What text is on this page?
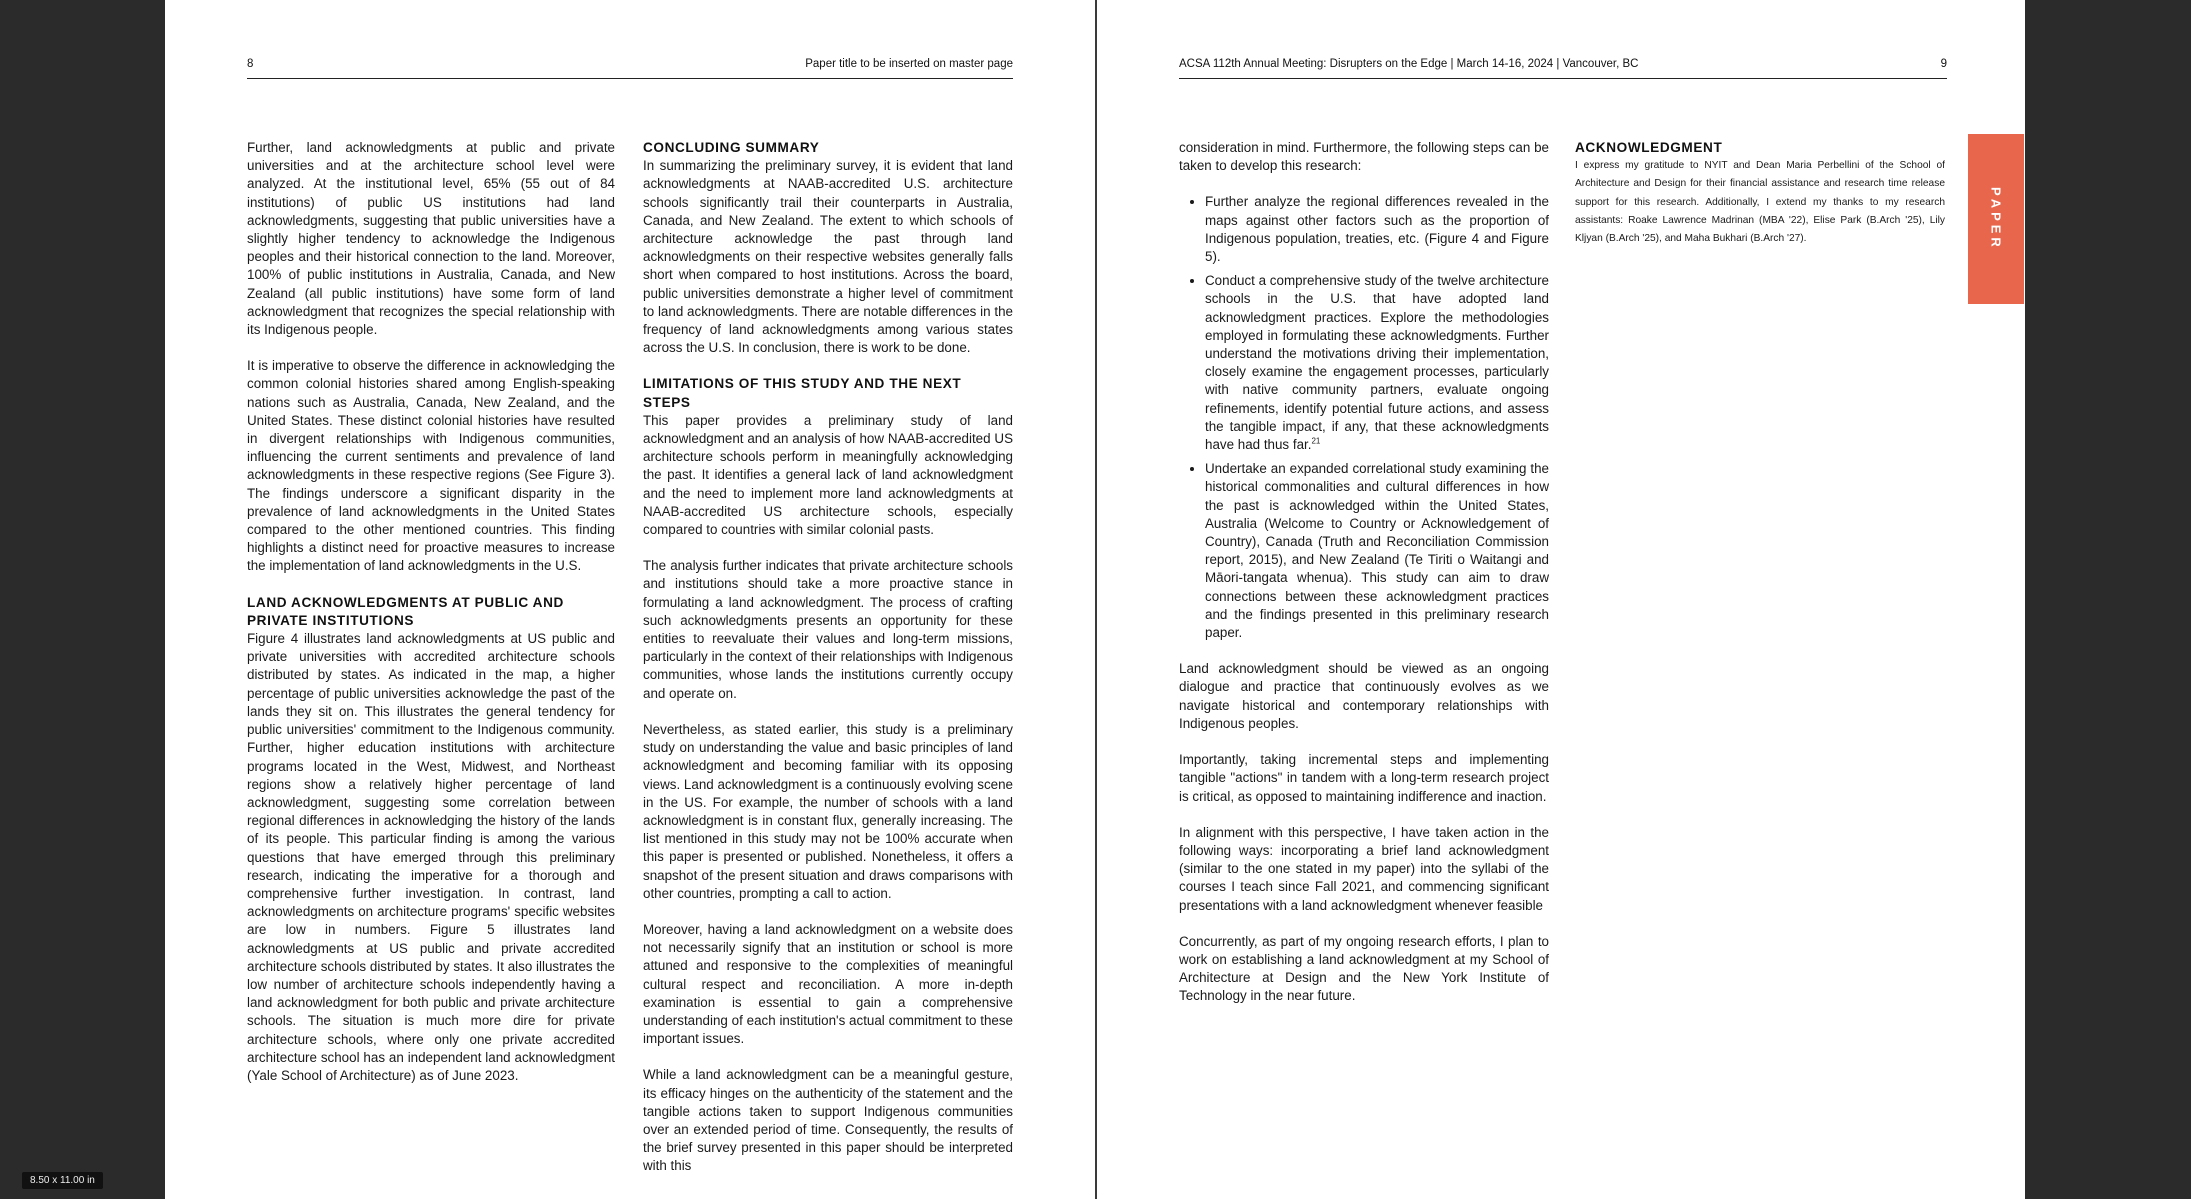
8	Paper title to be inserted on master page

Further, land acknowledgments at public and private universities and at the architecture school level were analyzed. At the institutional level, 65% (55 out of 84 institutions) of public US institutions had land acknowledgments, suggesting that public universities have a slightly higher tendency to acknowledge the Indigenous peoples and their historical connection to the land. Moreover, 100% of public institutions in Australia, Canada, and New Zealand (all public institutions) have some form of land acknowledgment that recognizes the special relationship with its Indigenous people.

It is imperative to observe the difference in acknowledging the common colonial histories shared among English-speaking nations such as Australia, Canada, New Zealand, and the United States. These distinct colonial histories have resulted in divergent relationships with Indigenous communities, influencing the current sentiments and prevalence of land acknowledgments in these respective regions (See Figure 3). The findings underscore a significant disparity in the prevalence of land acknowledgments in the United States compared to the other mentioned countries. This finding highlights a distinct need for proactive measures to increase the implementation of land acknowledgments in the U.S.

LAND ACKNOWLEDGMENTS AT PUBLIC AND PRIVATE INSTITUTIONS

Figure 4 illustrates land acknowledgments at US public and private universities with accredited architecture schools distributed by states. As indicated in the map, a higher percentage of public universities acknowledge the past of the lands they sit on. This illustrates the general tendency for public universities' commitment to the Indigenous community. Further, higher education institutions with architecture programs located in the West, Midwest, and Northeast regions show a relatively higher percentage of land acknowledgment, suggesting some correlation between regional differences in acknowledging the history of the lands of its people. This particular finding is among the various questions that have emerged through this preliminary research, indicating the imperative for a thorough and comprehensive further investigation. In contrast, land acknowledgments on architecture programs' specific websites are low in numbers. Figure 5 illustrates land acknowledgments at US public and private accredited architecture schools distributed by states. It also illustrates the low number of architecture schools independently having a land acknowledgment for both public and private architecture schools. The situation is much more dire for private architecture schools, where only one private accredited architecture school has an independent land acknowledgment (Yale School of Architecture) as of June 2023.

CONCLUDING SUMMARY

In summarizing the preliminary survey, it is evident that land acknowledgments at NAAB-accredited U.S. architecture schools significantly trail their counterparts in Australia, Canada, and New Zealand. The extent to which schools of architecture acknowledge the past through land acknowledgments on their respective websites generally falls short when compared to host institutions. Across the board, public universities demonstrate a higher level of commitment to land acknowledgments. There are notable differences in the frequency of land acknowledgments among various states across the U.S. In conclusion, there is work to be done.

LIMITATIONS OF THIS STUDY AND THE NEXT STEPS

This paper provides a preliminary study of land acknowledgment and an analysis of how NAAB-accredited US architecture schools perform in meaningfully acknowledging the past. It identifies a general lack of land acknowledgment and the need to implement more land acknowledgments at NAAB-accredited US architecture schools, especially compared to countries with similar colonial pasts.

The analysis further indicates that private architecture schools and institutions should take a more proactive stance in formulating a land acknowledgment. The process of crafting such acknowledgments presents an opportunity for these entities to reevaluate their values and long-term missions, particularly in the context of their relationships with Indigenous communities, whose lands the institutions currently occupy and operate on.

Nevertheless, as stated earlier, this study is a preliminary study on understanding the value and basic principles of land acknowledgment and becoming familiar with its opposing views. Land acknowledgment is a continuously evolving scene in the US. For example, the number of schools with a land acknowledgment is in constant flux, generally increasing. The list mentioned in this study may not be 100% accurate when this paper is presented or published. Nonetheless, it offers a snapshot of the present situation and draws comparisons with other countries, prompting a call to action.

Moreover, having a land acknowledgment on a website does not necessarily signify that an institution or school is more attuned and responsive to the complexities of meaningful cultural respect and reconciliation. A more in-depth examination is essential to gain a comprehensive understanding of each institution's actual commitment to these important issues.

While a land acknowledgment can be a meaningful gesture, its efficacy hinges on the authenticity of the statement and the tangible actions taken to support Indigenous communities over an extended period of time. Consequently, the results of the brief survey presented in this paper should be interpreted with this

ACSA 112th Annual Meeting: Disrupters on the Edge | March 14-16, 2024 | Vancouver, BC	9

consideration in mind. Furthermore, the following steps can be taken to develop this research:

• Further analyze the regional differences revealed in the maps against other factors such as the proportion of Indigenous population, treaties, etc. (Figure 4 and Figure 5).
• Conduct a comprehensive study of the twelve architecture schools in the U.S. that have adopted land acknowledgment practices. Explore the methodologies employed in formulating these acknowledgments. Further understand the motivations driving their implementation, closely examine the engagement processes, particularly with native community partners, evaluate ongoing refinements, identify potential future actions, and assess the tangible impact, if any, that these acknowledgments have had thus far.$^{21}$
• Undertake an expanded correlational study examining the historical commonalities and cultural differences in how the past is acknowledged within the United States, Australia (Welcome to Country or Acknowledgement of Country), Canada (Truth and Reconciliation Commission report, 2015), and New Zealand (Te Tiriti o Waitangi and Māori-tangata whenua). This study can aim to draw connections between these acknowledgment practices and the findings presented in this preliminary research paper.

Land acknowledgment should be viewed as an ongoing dialogue and practice that continuously evolves as we navigate historical and contemporary relationships with Indigenous peoples.

Importantly, taking incremental steps and implementing tangible "actions" in tandem with a long-term research project is critical, as opposed to maintaining indifference and inaction.

In alignment with this perspective, I have taken action in the following ways: incorporating a brief land acknowledgment (similar to the one stated in my paper) into the syllabi of the courses I teach since Fall 2021, and commencing significant presentations with a land acknowledgment whenever feasible

Concurrently, as part of my ongoing research efforts, I plan to work on establishing a land acknowledgment at my School of Architecture at Design and the New York Institute of Technology in the near future.

ACKNOWLEDGMENT

I express my gratitude to NYIT and Dean Maria Perbellini of the School of Architecture and Design for their financial assistance and research time release support for this research. Additionally, I extend my thanks to my research assistants: Roake Lawrence Madrinan (MBA '22), Elise Park (B.Arch '25), Lily Kljyan (B.Arch '25), and Maha Bukhari (B.Arch '27).	PAPER
8.50 x 11.00 in
